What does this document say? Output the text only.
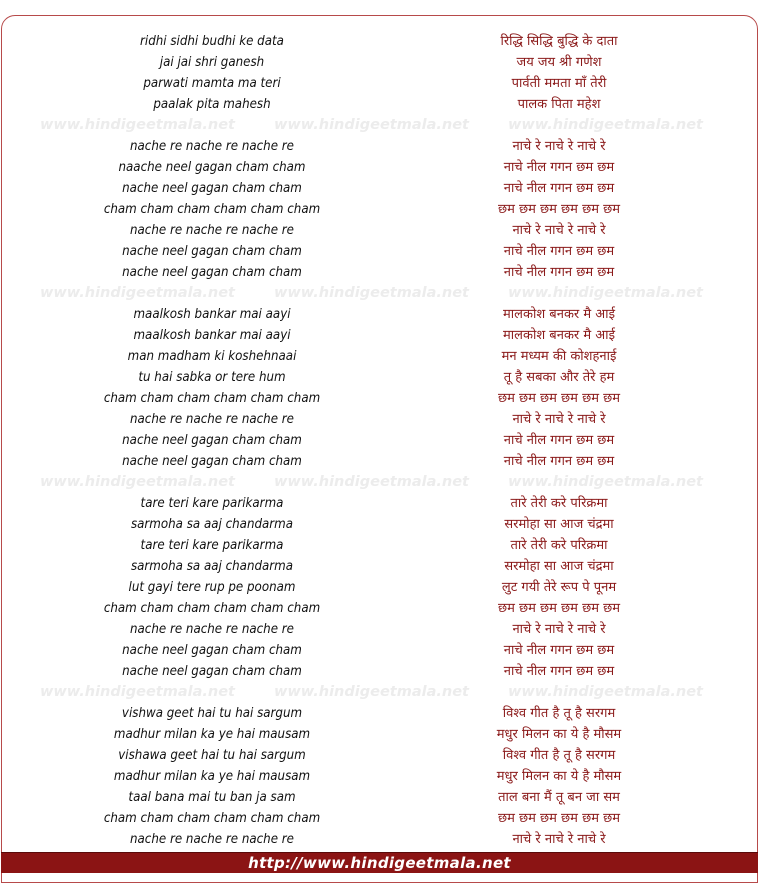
ridhi sidhi budhi ke data	रिद्धि सिद्धि बुद्धि के दाता
jai jai shri ganesh	जय जय श्री गणेश
parwati mamta ma teri	पार्वती ममता माँ तेरी
paalak pita mahesh	पालक पिता महेश
www.hindigeetmala.net	www.hindigeetmala.net	www.hindigeetmala.net
nache re nache re nache re	नाचे रे नाचे रे नाचे रे
naache neel gagan cham cham	नाचे नील गगन छम छम
nache neel gagan cham cham	नाचे नील गगन छम छम
cham cham cham cham cham cham	छम छम छम छम छम छम
nache re nache re nache re	नाचे रे नाचे रे नाचे रे
nache neel gagan cham cham	नाचे नील गगन छम छम
nache neel gagan cham cham	नाचे नील गगन छम छम
www.hindigeetmala.net	www.hindigeetmala.net	www.hindigeetmala.net
maalkosh bankar mai aayi	मालकोश बनकर मै आई
maalkosh bankar mai aayi	मालकोश बनकर मै आई
man madham ki koshehnaai	मन मध्यम की कोशहनाई
tu hai sabka or tere hum	तू है सबका और तेरे हम
cham cham cham cham cham cham	छम छम छम छम छम छम
nache re nache re nache re	नाचे रे नाचे रे नाचे रे
nache neel gagan cham cham	नाचे नील गगन छम छम
nache neel gagan cham cham	नाचे नील गगन छम छम
www.hindigeetmala.net	www.hindigeetmala.net	www.hindigeetmala.net
tare teri kare parikarma	तारे तेरी करे परिक्रमा
sarmoha sa aaj chandarma	सरमोहा सा आज चंद्रमा
tare teri kare parikarma	तारे तेरी करे परिक्रमा
sarmoha sa aaj chandarma	सरमोहा सा आज चंद्रमा
lut gayi tere rup pe poonam	लुट गयी तेरे रूप पे पूनम
cham cham cham cham cham cham	छम छम छम छम छम छम
nache re nache re nache re	नाचे रे नाचे रे नाचे रे
nache neel gagan cham cham	नाचे नील गगन छम छम
nache neel gagan cham cham	नाचे नील गगन छम छम
www.hindigeetmala.net	www.hindigeetmala.net	www.hindigeetmala.net
vishwa geet hai tu hai sargum	विश्व गीत है तू है सरगम
madhur milan ka ye hai mausam	मधुर मिलन का ये है मौसम
vishawa geet hai tu hai sargum	विश्व गीत है तू है सरगम
madhur milan ka ye hai mausam	मधुर मिलन का ये है मौसम
taal bana mai tu ban ja sam	ताल बना मैं तू बन जा सम
cham cham cham cham cham cham	छम छम छम छम छम छम
nache re nache re nache re	नाचे रे नाचे रे नाचे रे
http://www.hindigeetmala.net
